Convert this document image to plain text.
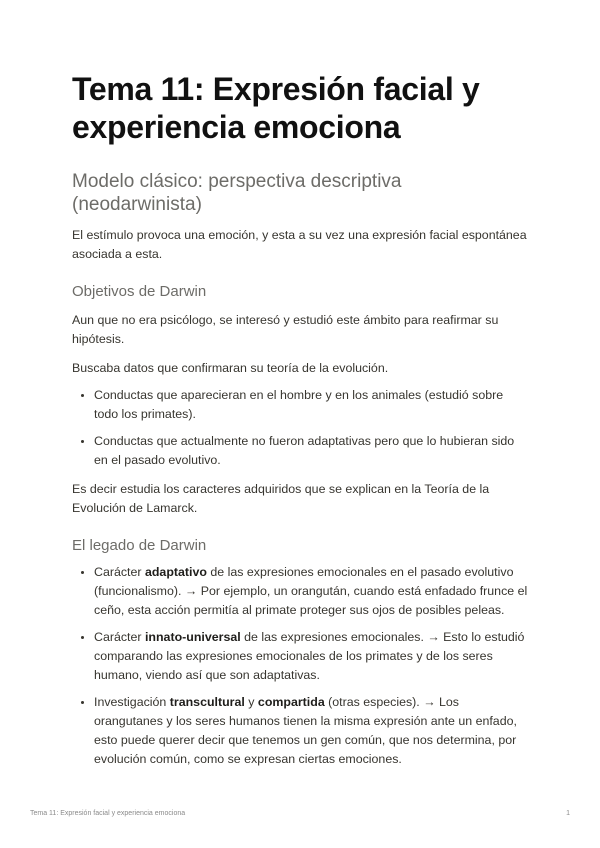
Tema 11: Expresión facial y experiencia emociona
Modelo clásico: perspectiva descriptiva (neodarwinista)

El estímulo provoca una emoción, y esta a su vez una expresión facial espontánea asociada a esta.

Objetivos de Darwin

Aun que no era psicólogo, se interesó y estudió este ámbito para reafirmar su hipótesis.

Buscaba datos que confirmaran su teoría de la evolución.

• Conductas que aparecieran en el hombre y en los animales (estudió sobre todo los primates).
• Conductas que actualmente no fueron adaptativas pero que lo hubieran sido en el pasado evolutivo.

Es decir estudia los caracteres adquiridos que se explican en la Teoría de la Evolución de Lamarck.

El legado de Darwin
• Carácter adaptativo de las expresiones emocionales en el pasado evolutivo (funcionalismo). → Por ejemplo, un orangután, cuando está enfadado frunce el ceño, esta acción permitía al primate proteger sus ojos de posibles peleas.
• Carácter innato-universal de las expresiones emocionales. → Esto lo estudió comparando las expresiones emocionales de los primates y de los seres humano, viendo así que son adaptativas.
• Investigación transcultural y compartida (otras especies). → Los orangutanes y los seres humanos tienen la misma expresión ante un enfado, esto puede querer decir que tenemos un gen común, que nos determina, por evolución común, como se expresan ciertas emociones.
Tema 11: Expresión facial y experiencia emociona	1
